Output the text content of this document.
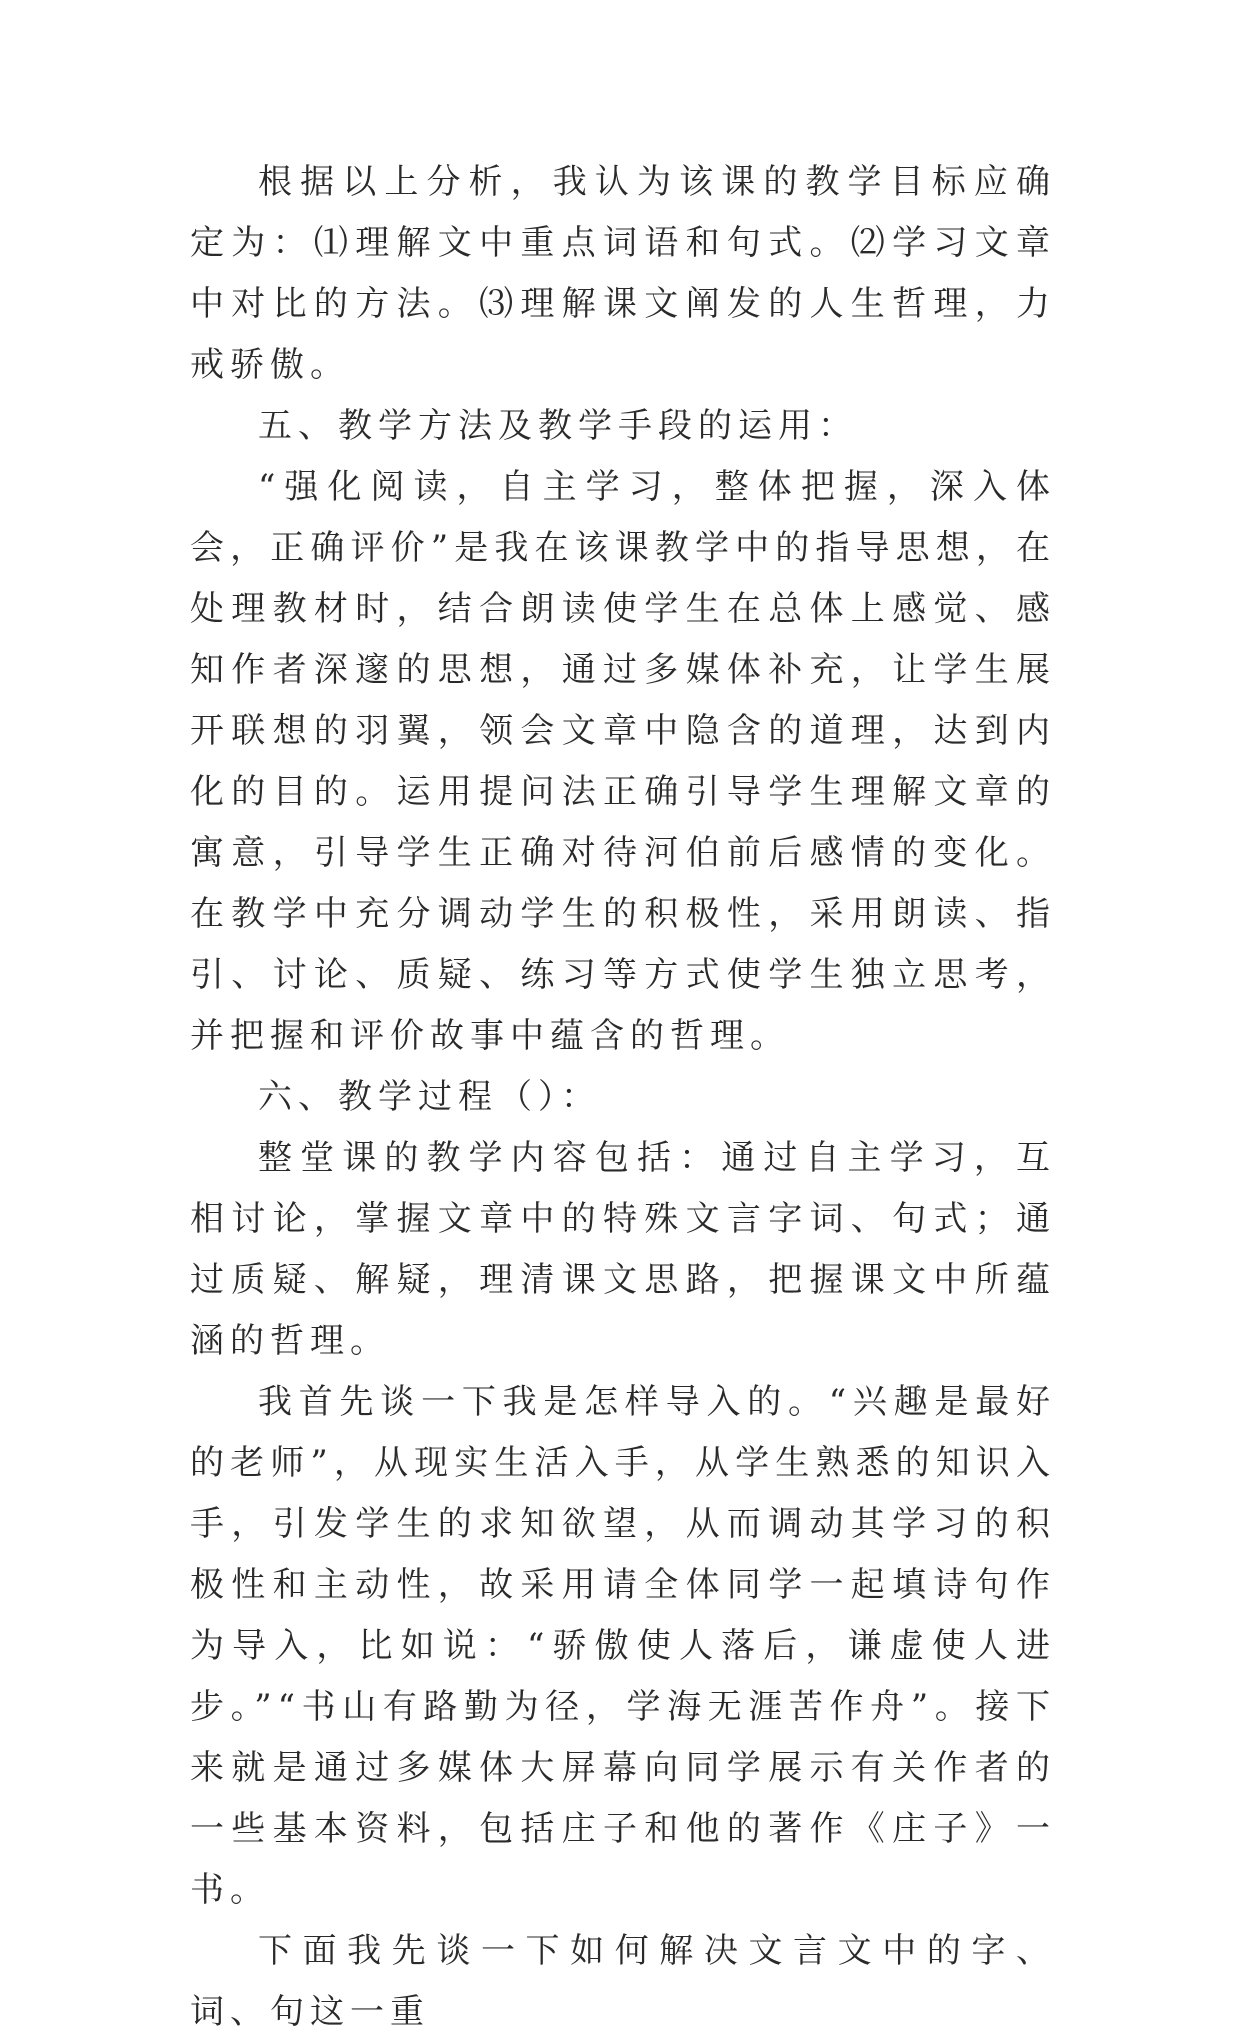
根据以上分析，我认为该课的教学目标应确定为：⑴理解文中重点词语和句式。⑵学习文章中对比的方法。⑶理解课文阐发的人生哲理，力戒骄傲。

五、教学方法及教学手段的运用：

“强化阅读，自主学习，整体把握，深入体会，正确评价”是我在该课教学中的指导思想，在处理教材时，结合朗读使学生在总体上感觉、感知作者深邃的思想，通过多媒体补充，让学生展开联想的羽翼，领会文章中隐含的道理，达到内化的目的。运用提问法正确引导学生理解文章的寓意，引导学生正确对待河伯前后感情的变化。在教学中充分调动学生的积极性，采用朗读、指引、讨论、质疑、练习等方式使学生独立思考，并把握和评价故事中蕴含的哲理。

六、教学过程（）：

整堂课的教学内容包括：通过自主学习，互相讨论，掌握文章中的特殊文言字词、句式；通过质疑、解疑，理清课文思路，把握课文中所蕴涵的哲理。

我首先谈一下我是怎样导入的。“兴趣是最好的老师”，从现实生活入手，从学生熟悉的知识入手，引发学生的求知欲望，从而调动其学习的积极性和主动性，故采用请全体同学一起填诗句作为导入，比如说：“骄傲使人落后，谦虚使人进步。”“书山有路勤为径，学海无涯苦作舟”。接下来就是通过多媒体大屏幕向同学展示有关作者的一些基本资料，包括庄子和他的著作《庄子》一书。

下面我先谈一下如何解决文言文中的字、词、句这一重
